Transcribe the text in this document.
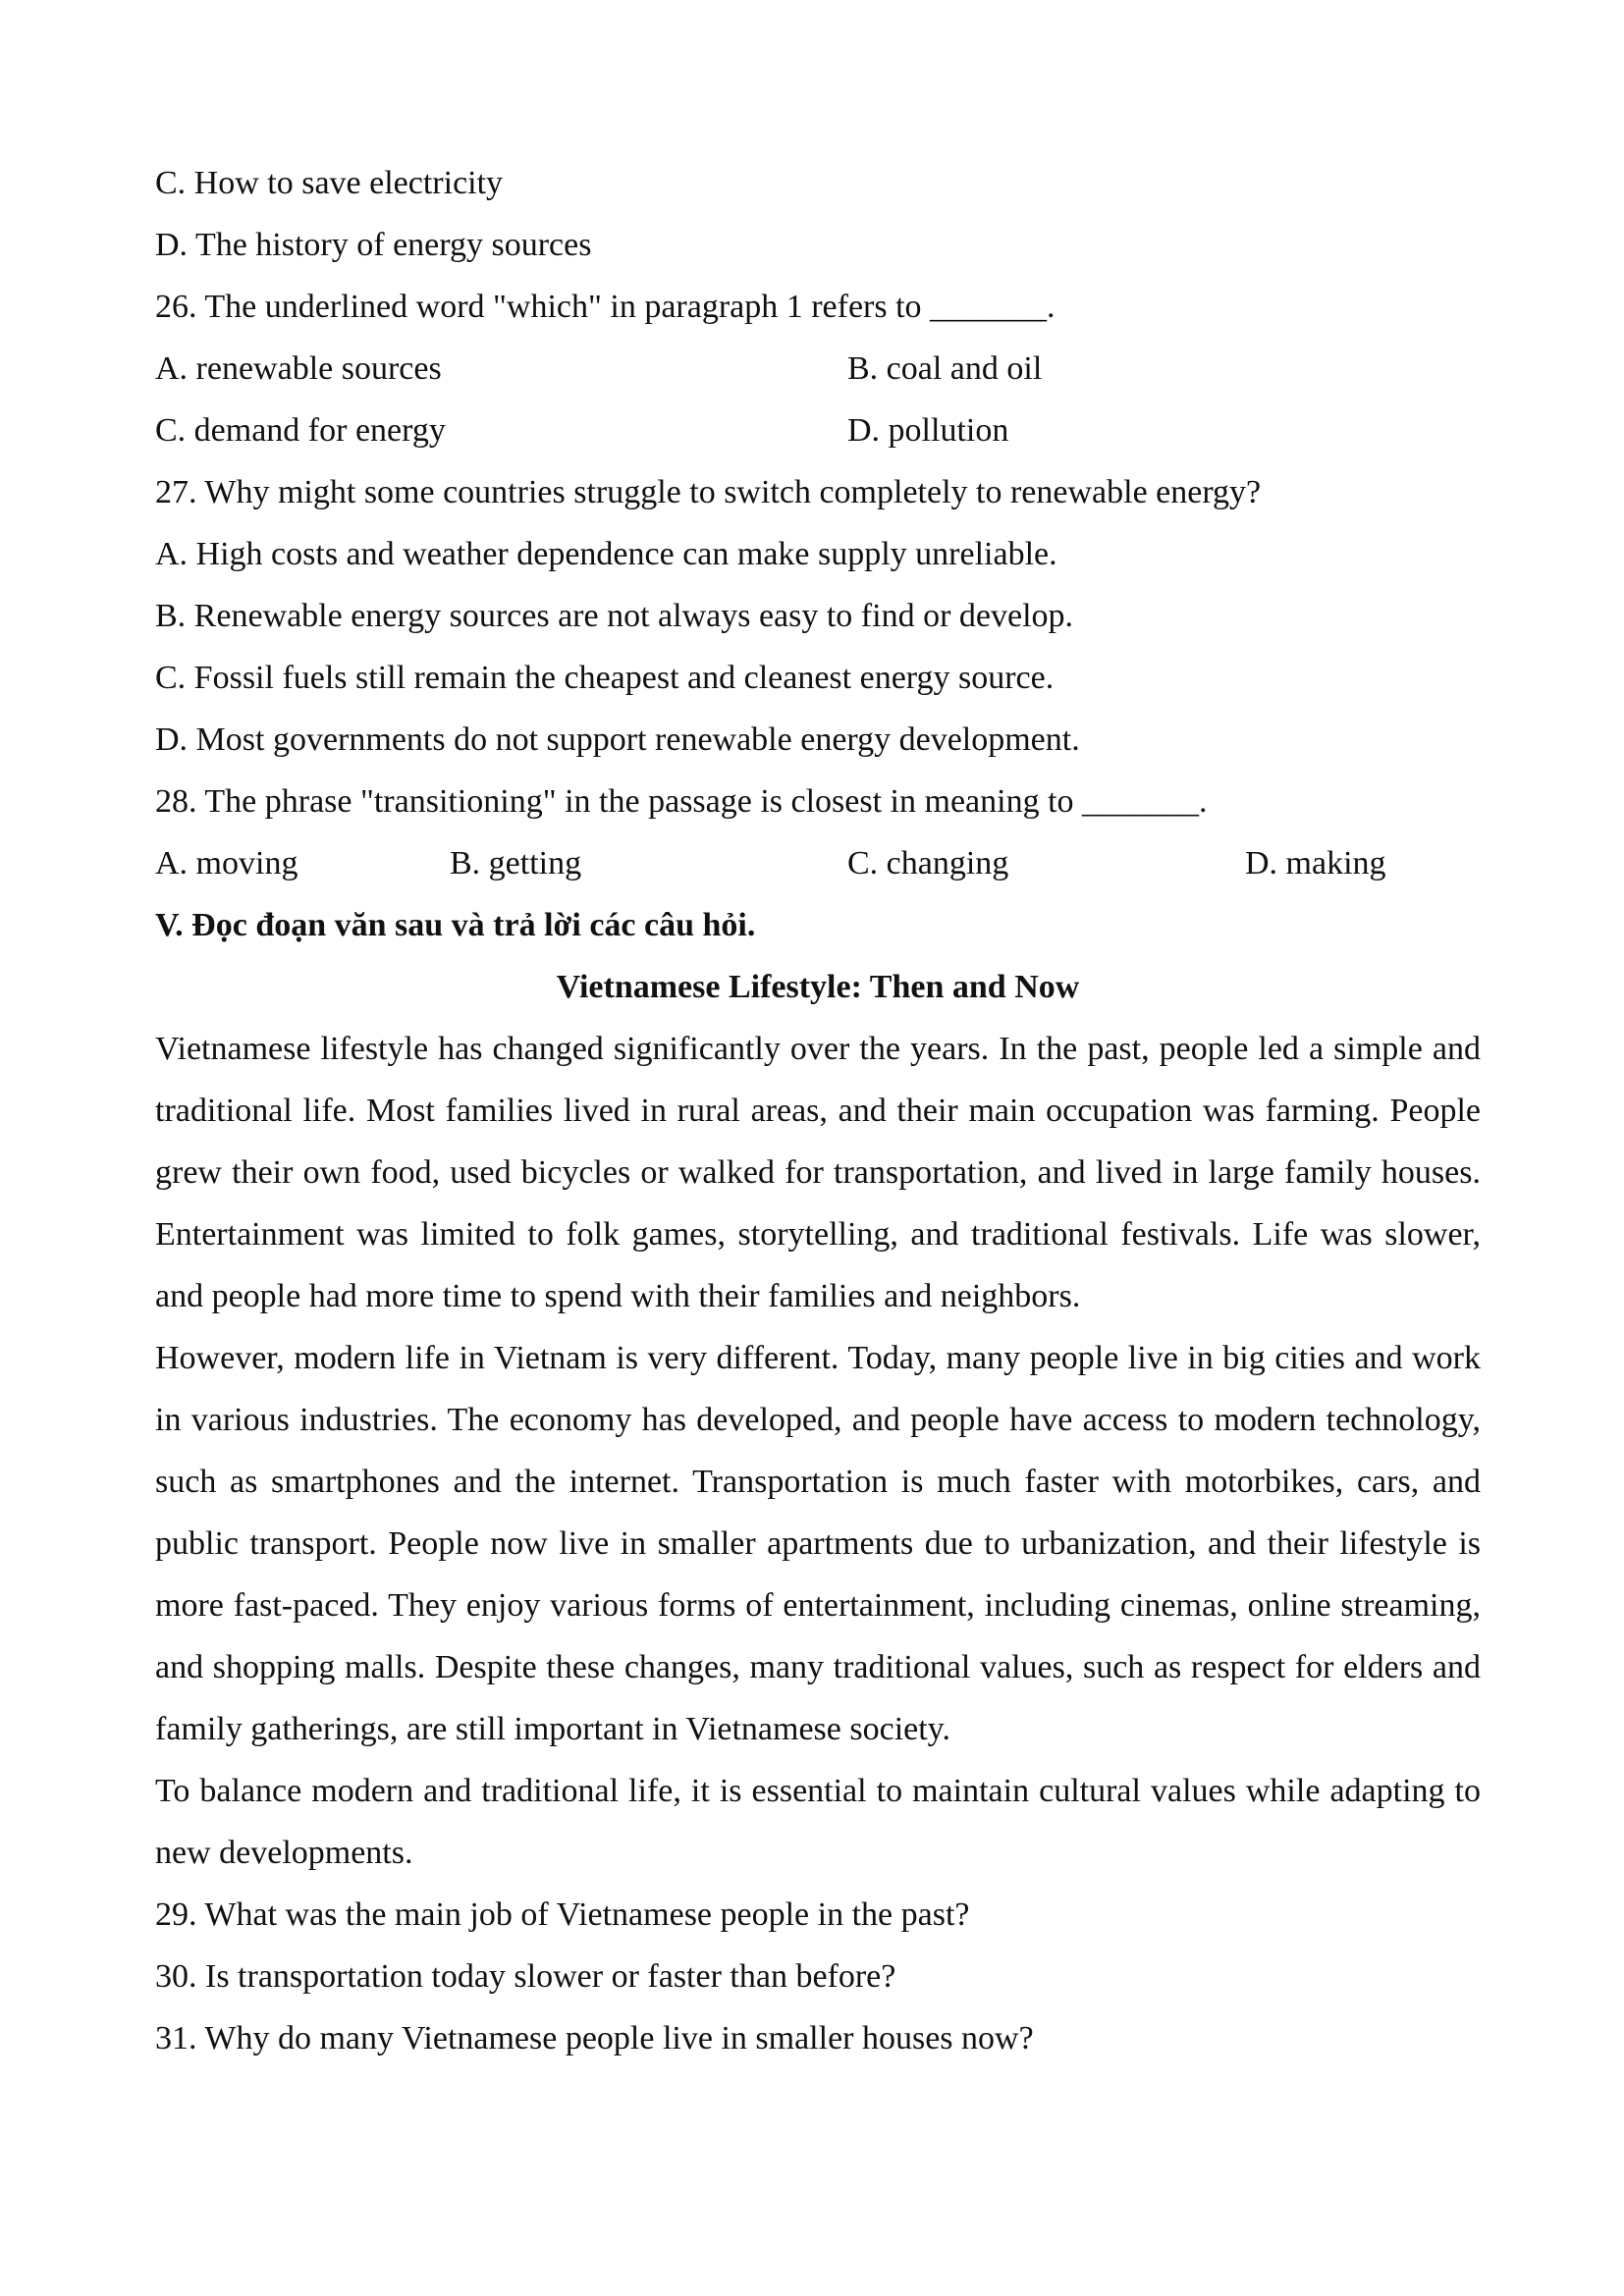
C. How to save electricity
D. The history of energy sources
26. The underlined word "which" in paragraph 1 refers to _______.
A. renewable sources	B. coal and oil
C. demand for energy	D. pollution
27. Why might some countries struggle to switch completely to renewable energy?
A. High costs and weather dependence can make supply unreliable.
B. Renewable energy sources are not always easy to find or develop.
C. Fossil fuels still remain the cheapest and cleanest energy source.
D. Most governments do not support renewable energy development.
28. The phrase "transitioning" in the passage is closest in meaning to _______.
A. moving	B. getting	C. changing	D. making
V. Đọc đoạn văn sau và trả lời các câu hỏi.
Vietnamese Lifestyle: Then and Now

Vietnamese lifestyle has changed significantly over the years. In the past, people led a simple and traditional life. Most families lived in rural areas, and their main occupation was farming. People grew their own food, used bicycles or walked for transportation, and lived in large family houses. Entertainment was limited to folk games, storytelling, and traditional festivals. Life was slower, and people had more time to spend with their families and neighbors.

However, modern life in Vietnam is very different. Today, many people live in big cities and work in various industries. The economy has developed, and people have access to modern technology, such as smartphones and the internet. Transportation is much faster with motorbikes, cars, and public transport. People now live in smaller apartments due to urbanization, and their lifestyle is more fast-paced. They enjoy various forms of entertainment, including cinemas, online streaming, and shopping malls. Despite these changes, many traditional values, such as respect for elders and family gatherings, are still important in Vietnamese society.

To balance modern and traditional life, it is essential to maintain cultural values while adapting to new developments.

29. What was the main job of Vietnamese people in the past?
30. Is transportation today slower or faster than before?
31. Why do many Vietnamese people live in smaller houses now?
